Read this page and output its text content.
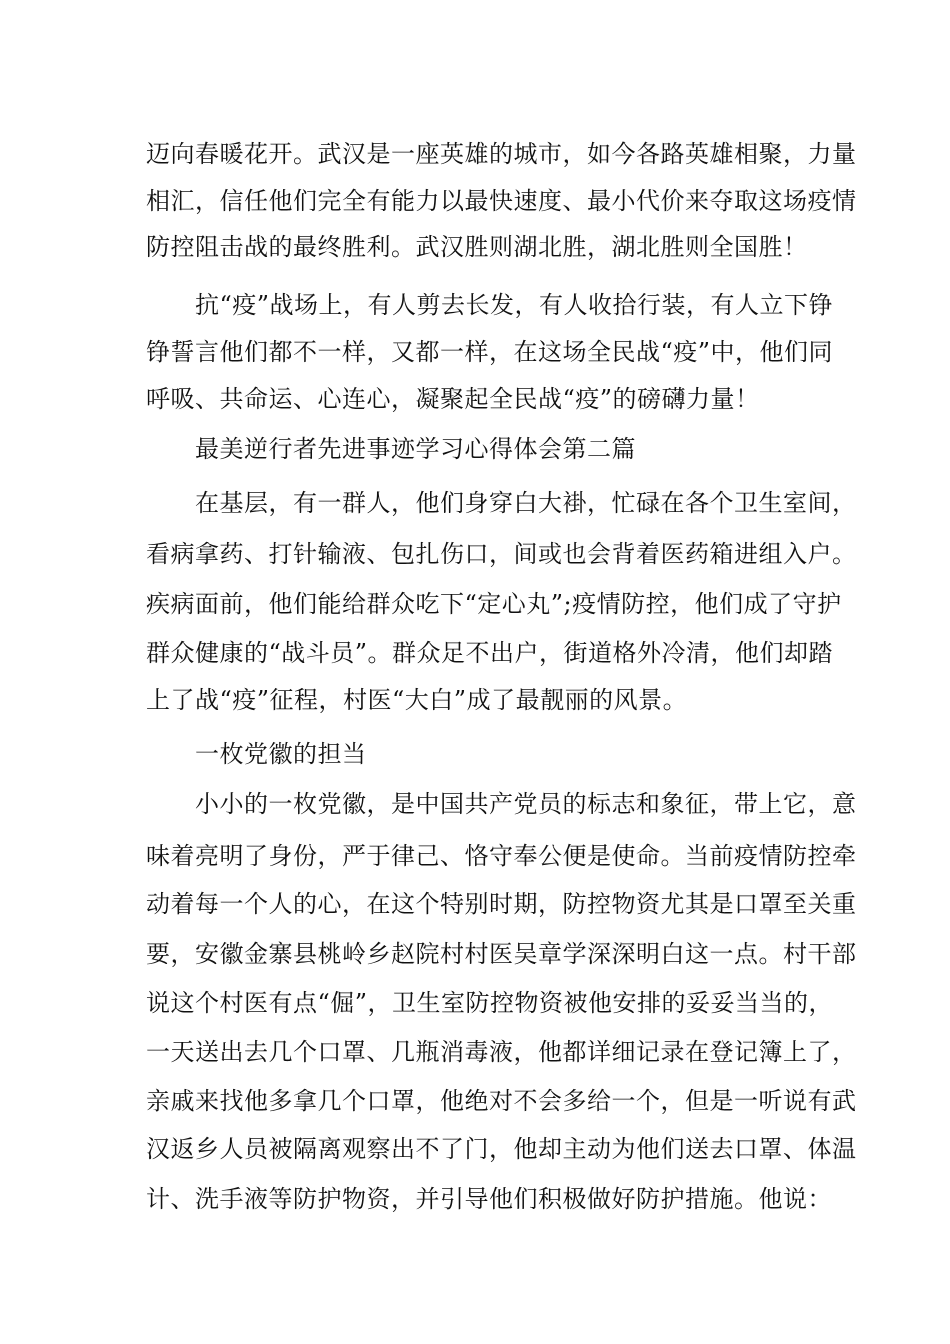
迈向春暖花开。武汉是一座英雄的城市，如今各路英雄相聚，力量
相汇，信任他们完全有能力以最快速度、最小代价来夺取这场疫情
防控阻击战的最终胜利。武汉胜则湖北胜，湖北胜则全国胜！
抗“疫”战场上，有人剪去长发，有人收拾行装，有人立下铮
铮誓言他们都不一样，又都一样，在这场全民战“疫”中，他们同
呼吸、共命运、心连心，凝聚起全民战“疫”的磅礴力量！
最美逆行者先进事迹学习心得体会第二篇
在基层，有一群人，他们身穿白大褂，忙碌在各个卫生室间，
看病拿药、打针输液、包扎伤口，间或也会背着医药箱进组入户。
疾病面前，他们能给群众吃下“定心丸”;疫情防控，他们成了守护
群众健康的“战斗员”。群众足不出户，街道格外冷清，他们却踏
上了战“疫”征程，村医“大白”成了最靓丽的风景。
一枚党徽的担当
小小的一枚党徽，是中国共产党员的标志和象征，带上它，意
味着亮明了身份，严于律己、恪守奉公便是使命。当前疫情防控牵
动着每一个人的心，在这个特别时期，防控物资尤其是口罩至关重
要，安徽金寨县桃岭乡赵院村村医吴章学深深明白这一点。村干部
说这个村医有点“倔”，卫生室防控物资被他安排的妥妥当当的，
一天送出去几个口罩、几瓶消毒液，他都详细记录在登记簿上了，
亲戚来找他多拿几个口罩，他绝对不会多给一个，但是一听说有武
汉返乡人员被隔离观察出不了门，他却主动为他们送去口罩、体温
计、洗手液等防护物资，并引导他们积极做好防护措施。他说：
